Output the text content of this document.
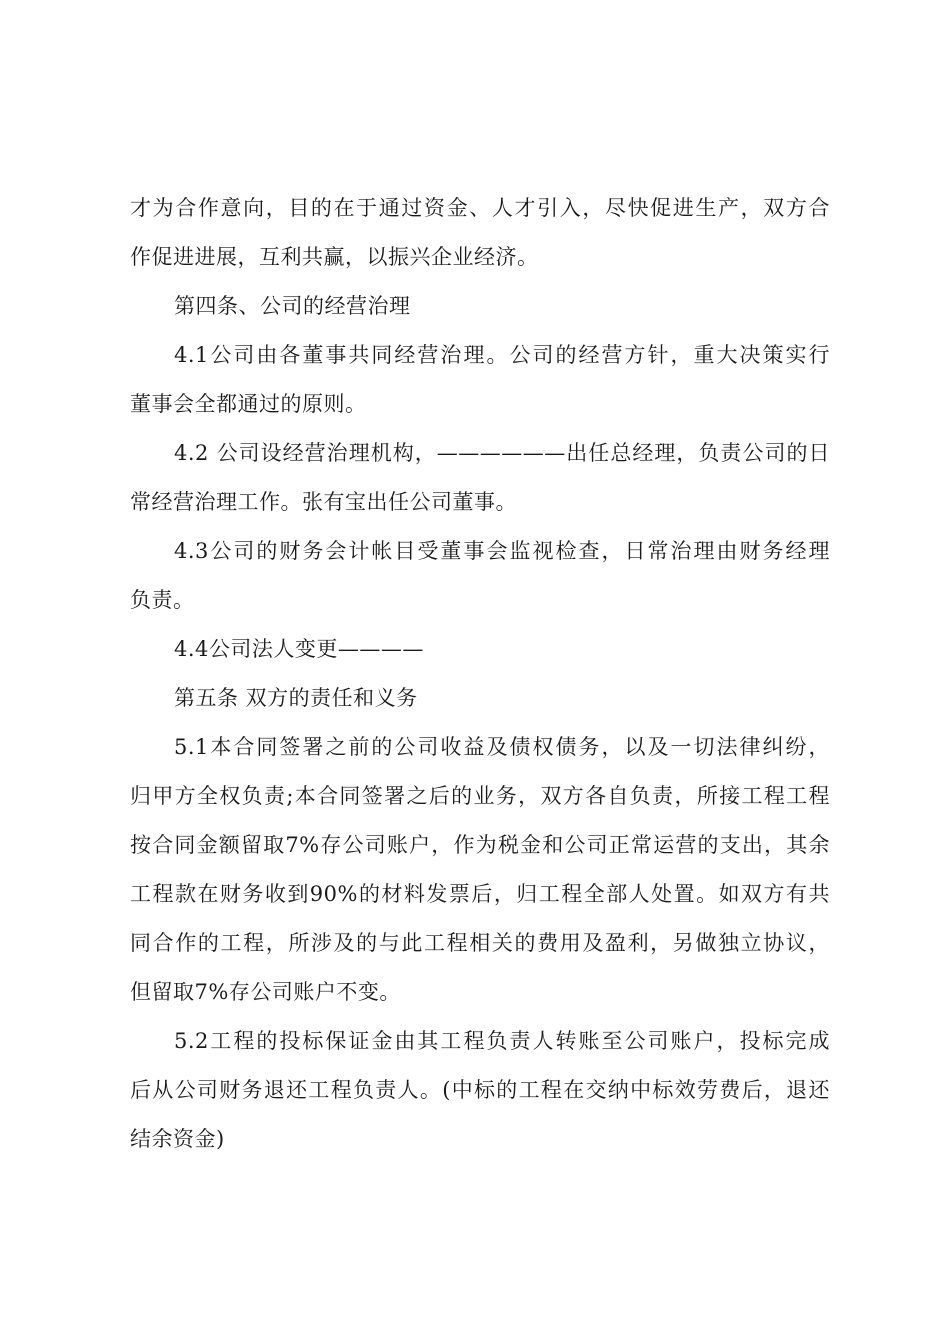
才为合作意向，目的在于通过资金、人才引入，尽快促进生产，双方合
作促进进展，互利共赢，以振兴企业经济。
第四条、公司的经营治理
4.1公司由各董事共同经营治理。公司的经营方针，重大决策实行
董事会全都通过的原则。
4.2 公司设经营治理机构，——————出任总经理，负责公司的日
常经营治理工作。张有宝出任公司董事。
4.3公司的财务会计帐目受董事会监视检查，日常治理由财务经理
负责。
4.4公司法人变更————
第五条 双方的责任和义务
5.1本合同签署之前的公司收益及债权债务，以及一切法律纠纷，
归甲方全权负责;本合同签署之后的业务，双方各自负责，所接工程工程
按合同金额留取7%存公司账户，作为税金和公司正常运营的支出，其余
工程款在财务收到90%的材料发票后，归工程全部人处置。如双方有共
同合作的工程，所涉及的与此工程相关的费用及盈利，另做独立协议，
但留取7%存公司账户不变。
5.2工程的投标保证金由其工程负责人转账至公司账户，投标完成
后从公司财务退还工程负责人。(中标的工程在交纳中标效劳费后，退还
结余资金)
